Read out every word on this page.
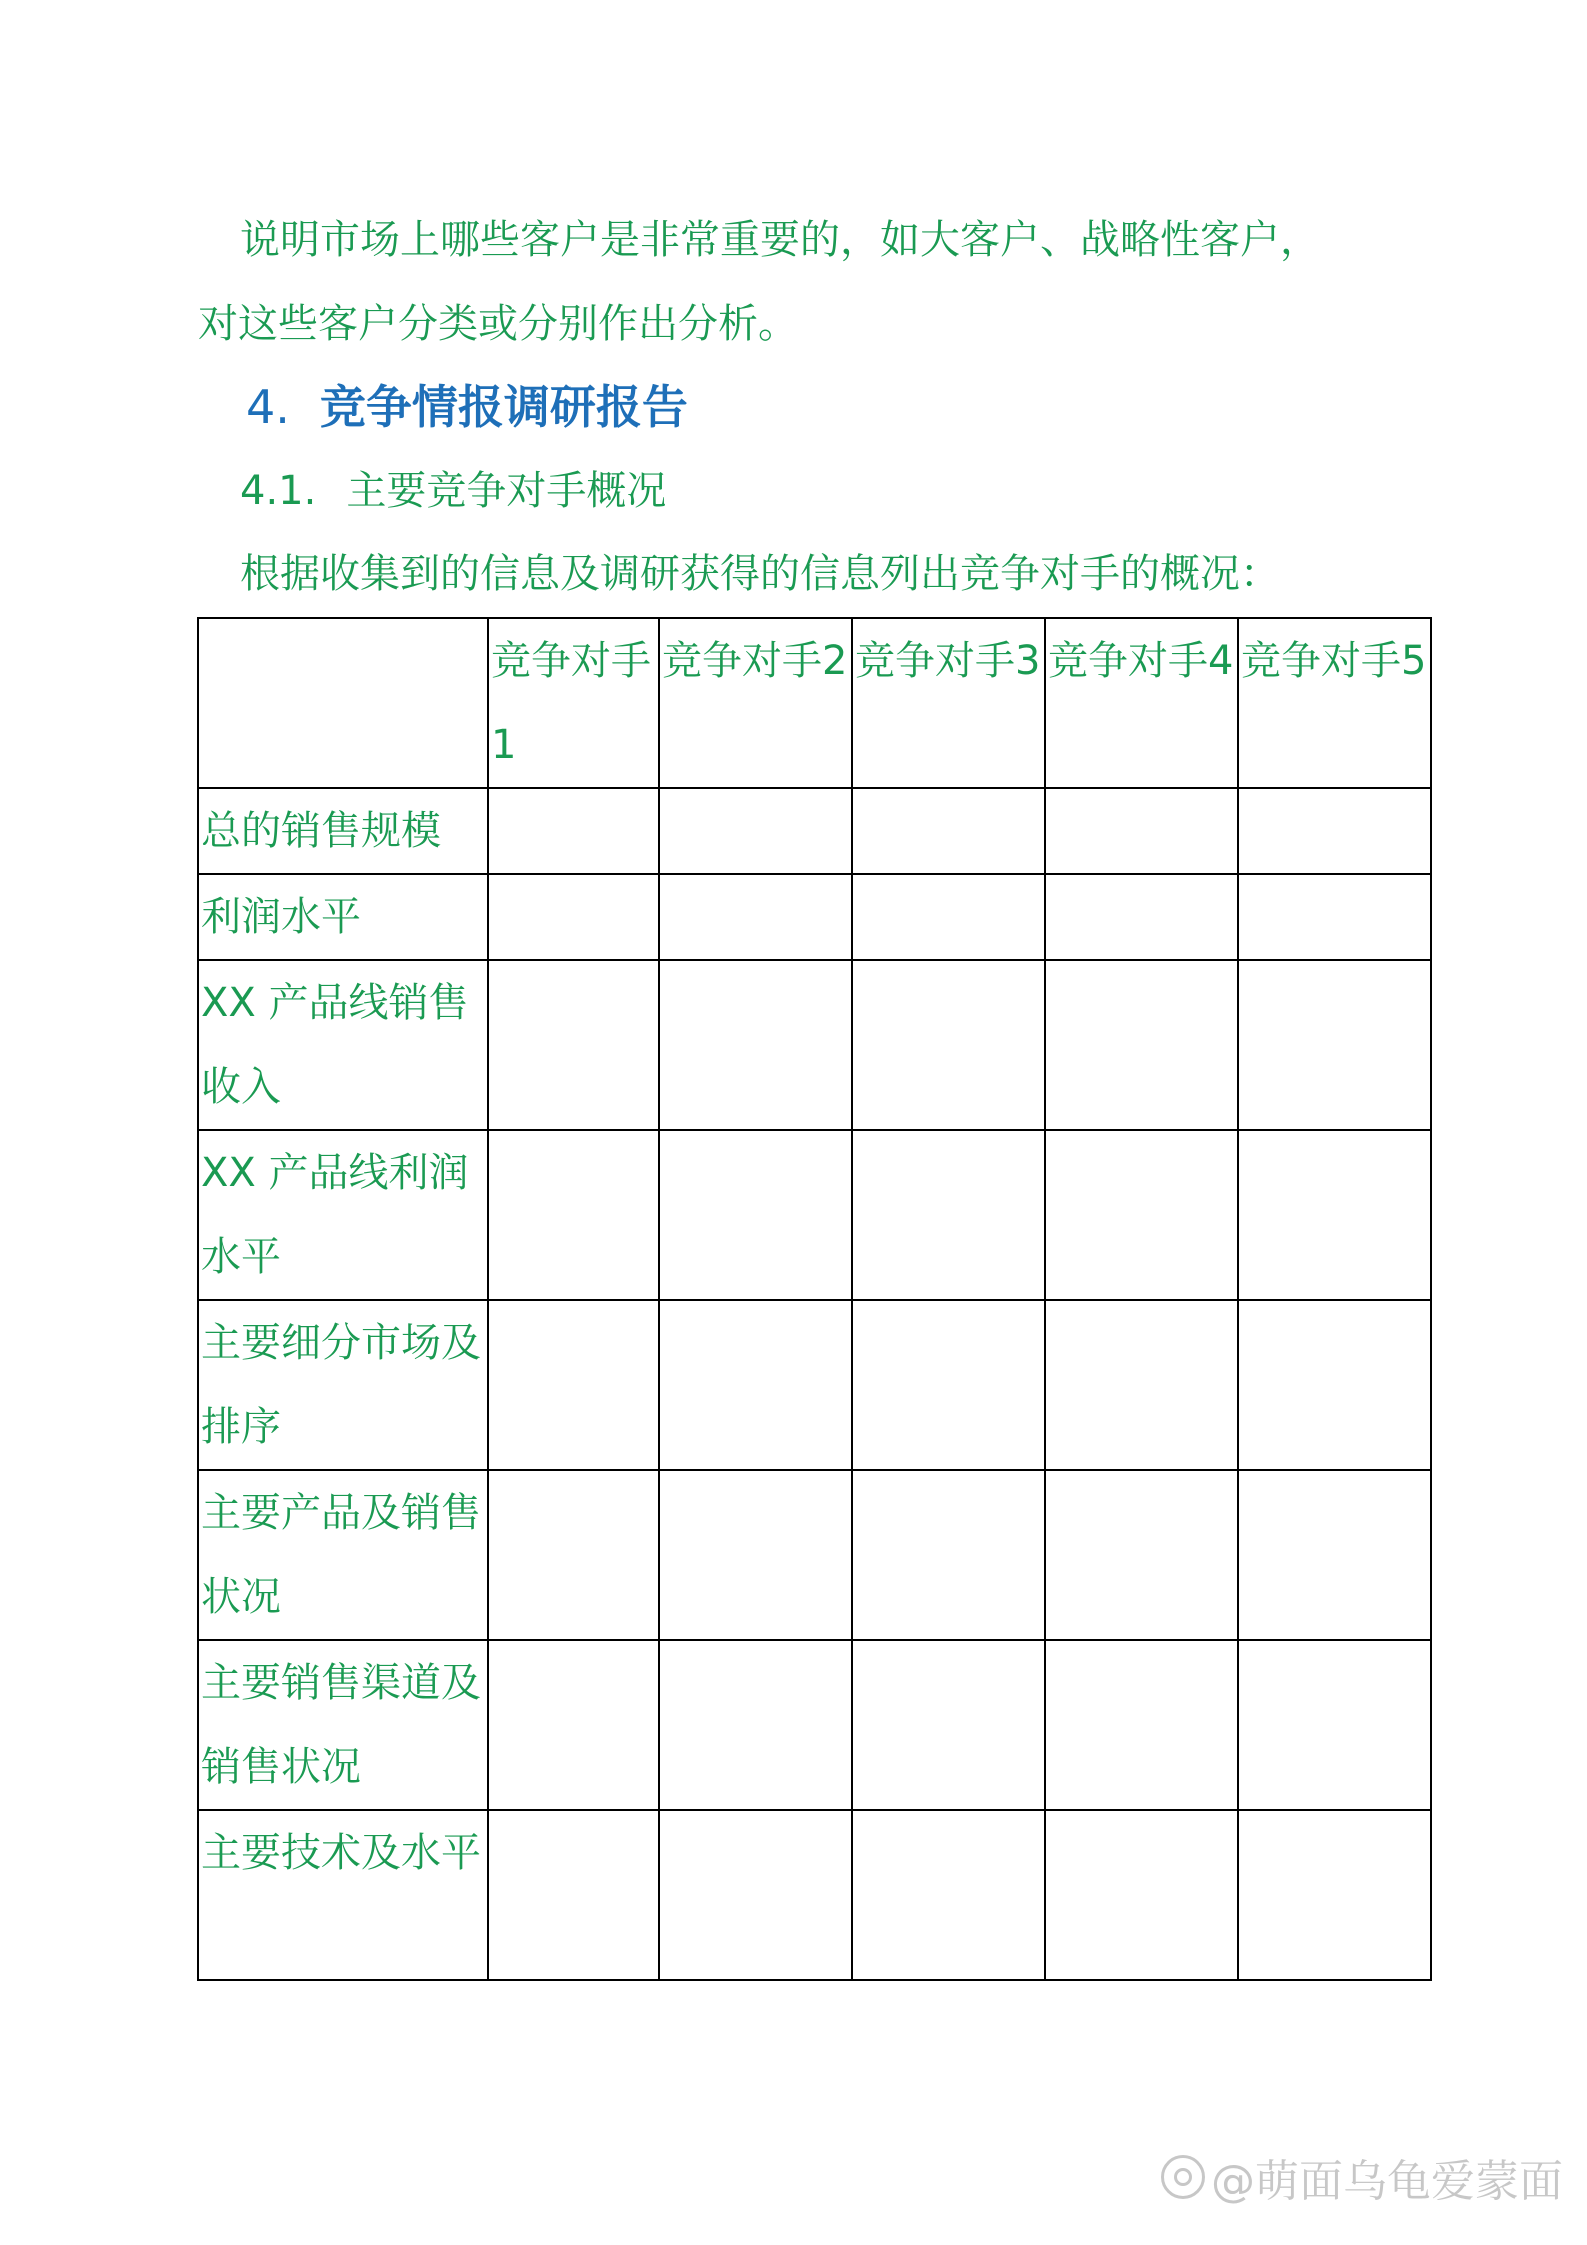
说明市场上哪些客户是非常重要的，如大客户、战略性客户，
对这些客户分类或分别作出分析。
4. 竞争情报调研报告
4.1. 主要竞争对手概况
根据收集到的信息及调研获得的信息列出竞争对手的概况：
	竞争对手 1	竞争对手2	竞争对手3	竞争对手4	竞争对手5
总的销售规模					
利润水平					
XX 产品线销售收入					
XX 产品线利润水平					
主要细分市场及排序					
主要产品及销售状况					
主要销售渠道及销售状况					
主要技术及水平					
@萌面乌龟爱蒙面
